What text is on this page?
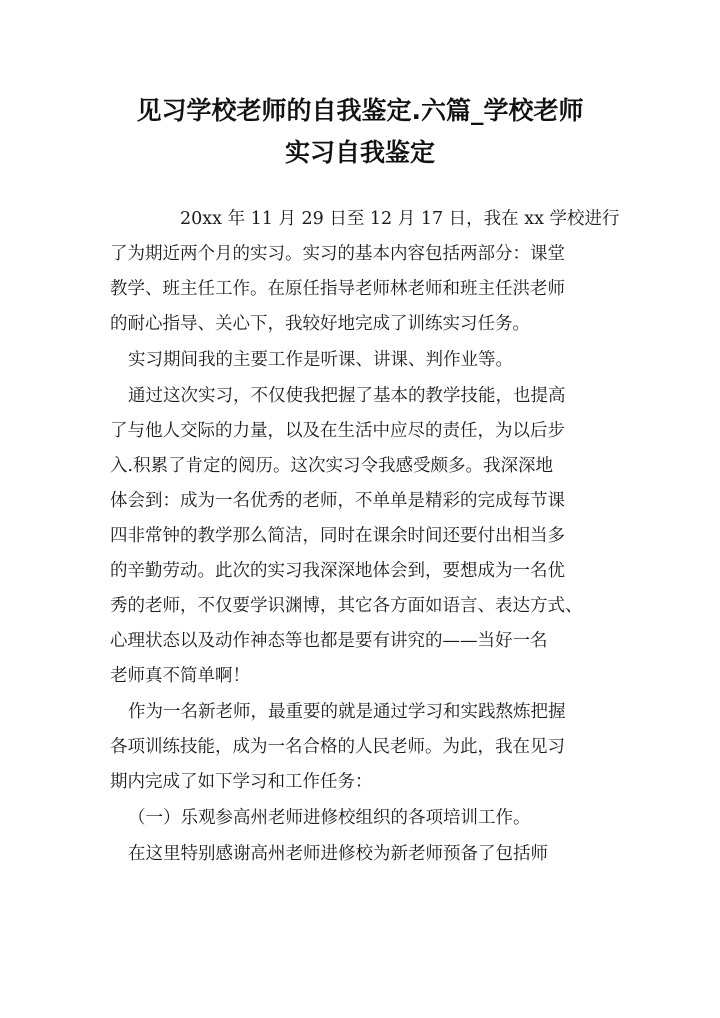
见习学校老师的自我鉴定.六篇_学校老师
实习自我鉴定

20xx 年 11 月 29 日至 12 月 17 日，我在 xx 学校进行
了为期近两个月的实习。实习的基本内容包括两部分：课堂
教学、班主任工作。在原任指导老师林老师和班主任洪老师
的耐心指导、关心下，我较好地完成了训练实习任务。

实习期间我的主要工作是听课、讲课、判作业等。

通过这次实习，不仅使我把握了基本的教学技能，也提高
了与他人交际的力量，以及在生活中应尽的责任，为以后步
入.积累了肯定的阅历。这次实习令我感受颇多。我深深地
体会到：成为一名优秀的老师，不单单是精彩的完成每节课
四非常钟的教学那么简洁，同时在课余时间还要付出相当多
的辛勤劳动。此次的实习我深深地体会到，要想成为一名优
秀的老师，不仅要学识渊博，其它各方面如语言、表达方式、
心理状态以及动作神态等也都是要有讲究的——当好一名
老师真不简单啊！

作为一名新老师，最重要的就是通过学习和实践熬炼把握
各项训练技能，成为一名合格的人民老师。为此，我在见习
期内完成了如下学习和工作任务：

（一）乐观参高州老师进修校组织的各项培训工作。

在这里特别感谢高州老师进修校为新老师预备了包括师
